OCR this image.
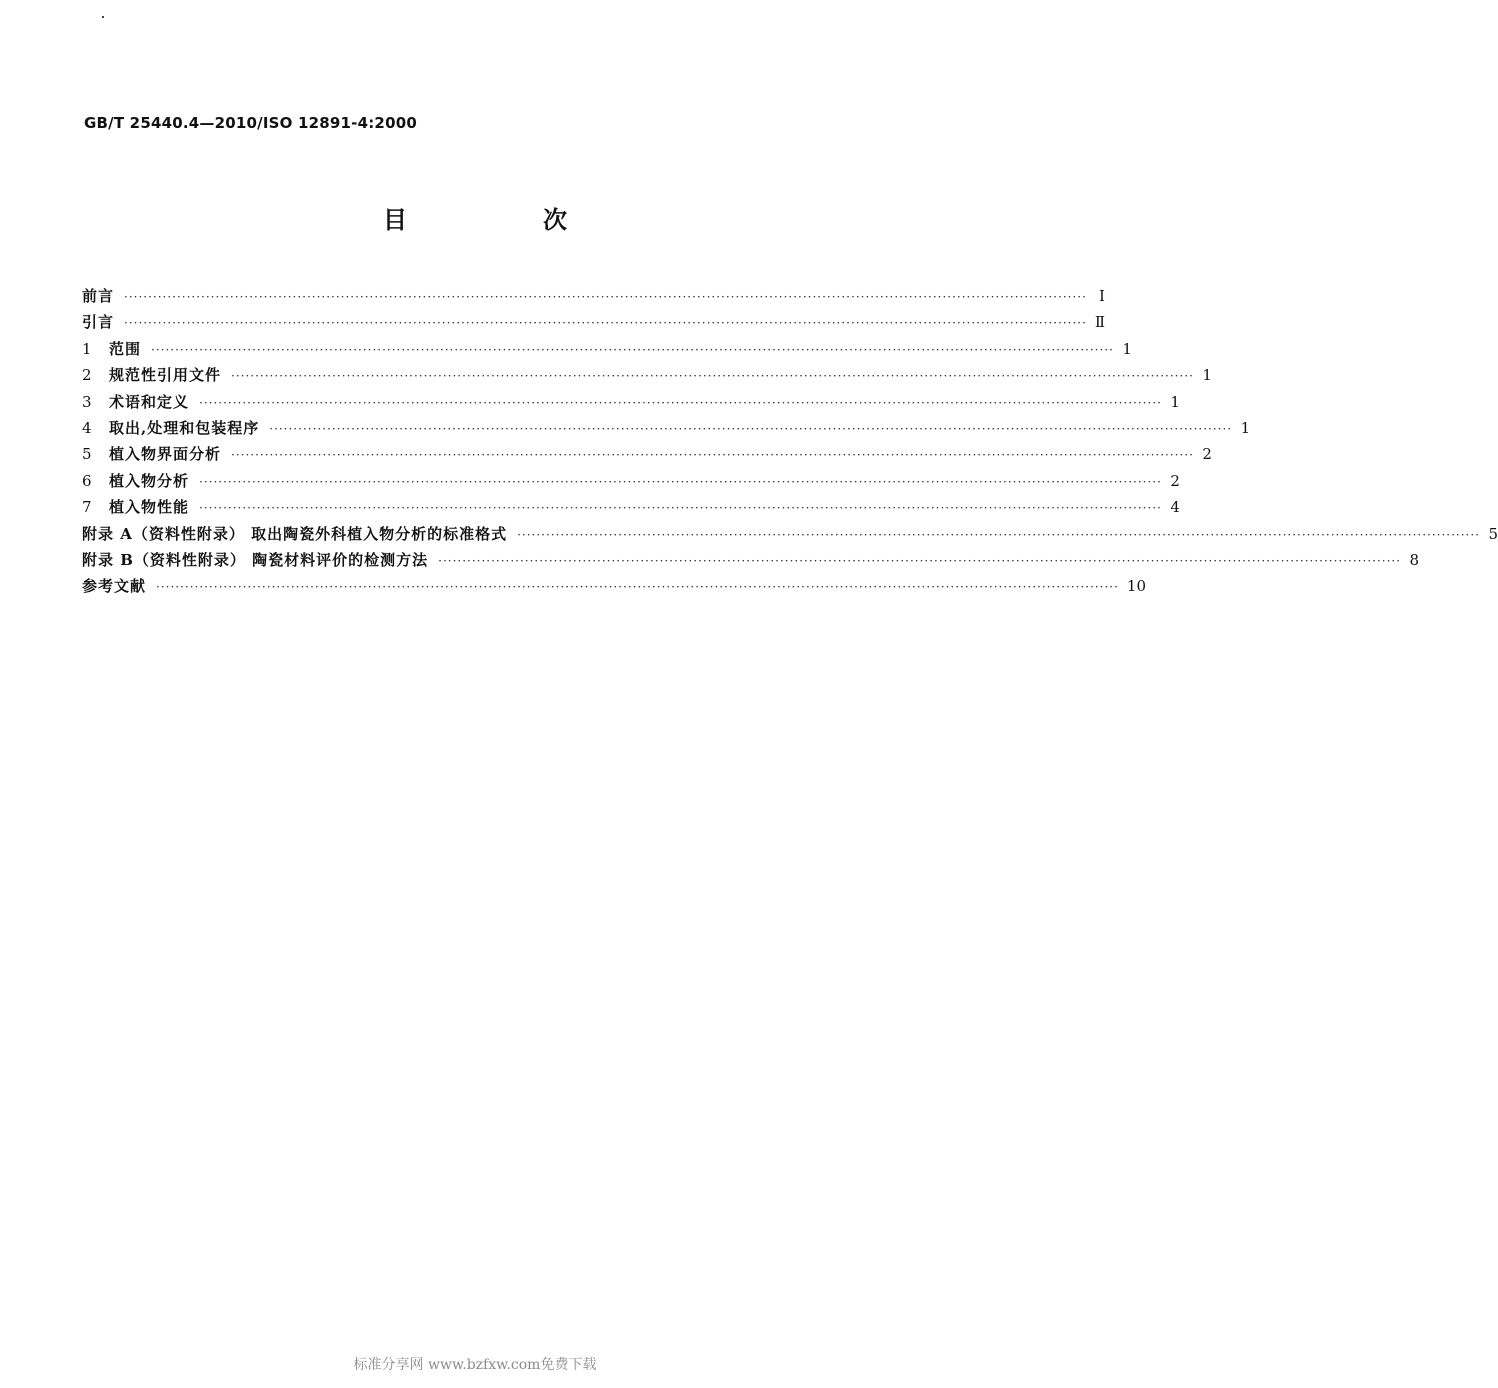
GB/T 25440.4—2010/ISO 12891-4:2000
目　次
前言 ········································································································································································································ Ⅰ
引言 ········································································································································································································ Ⅱ
1	范围 ········································································································································································································ 1
2	规范性引用文件 ········································································································································································································ 1
3	术语和定义 ········································································································································································································ 1
4	取出,处理和包装程序 ········································································································································································································ 1
5	植入物界面分析 ········································································································································································································ 2
6	植入物分析 ········································································································································································································ 2
7	植入物性能 ········································································································································································································ 4
附录 A（资料性附录） 取出陶瓷外科植入物分析的标准格式 ········································································································································································································ 5
附录 B（资料性附录） 陶瓷材料评价的检测方法 ········································································································································································································ 8
参考文献 ········································································································································································································ 10
标准分享网 www.bzfxw.com免费下载
